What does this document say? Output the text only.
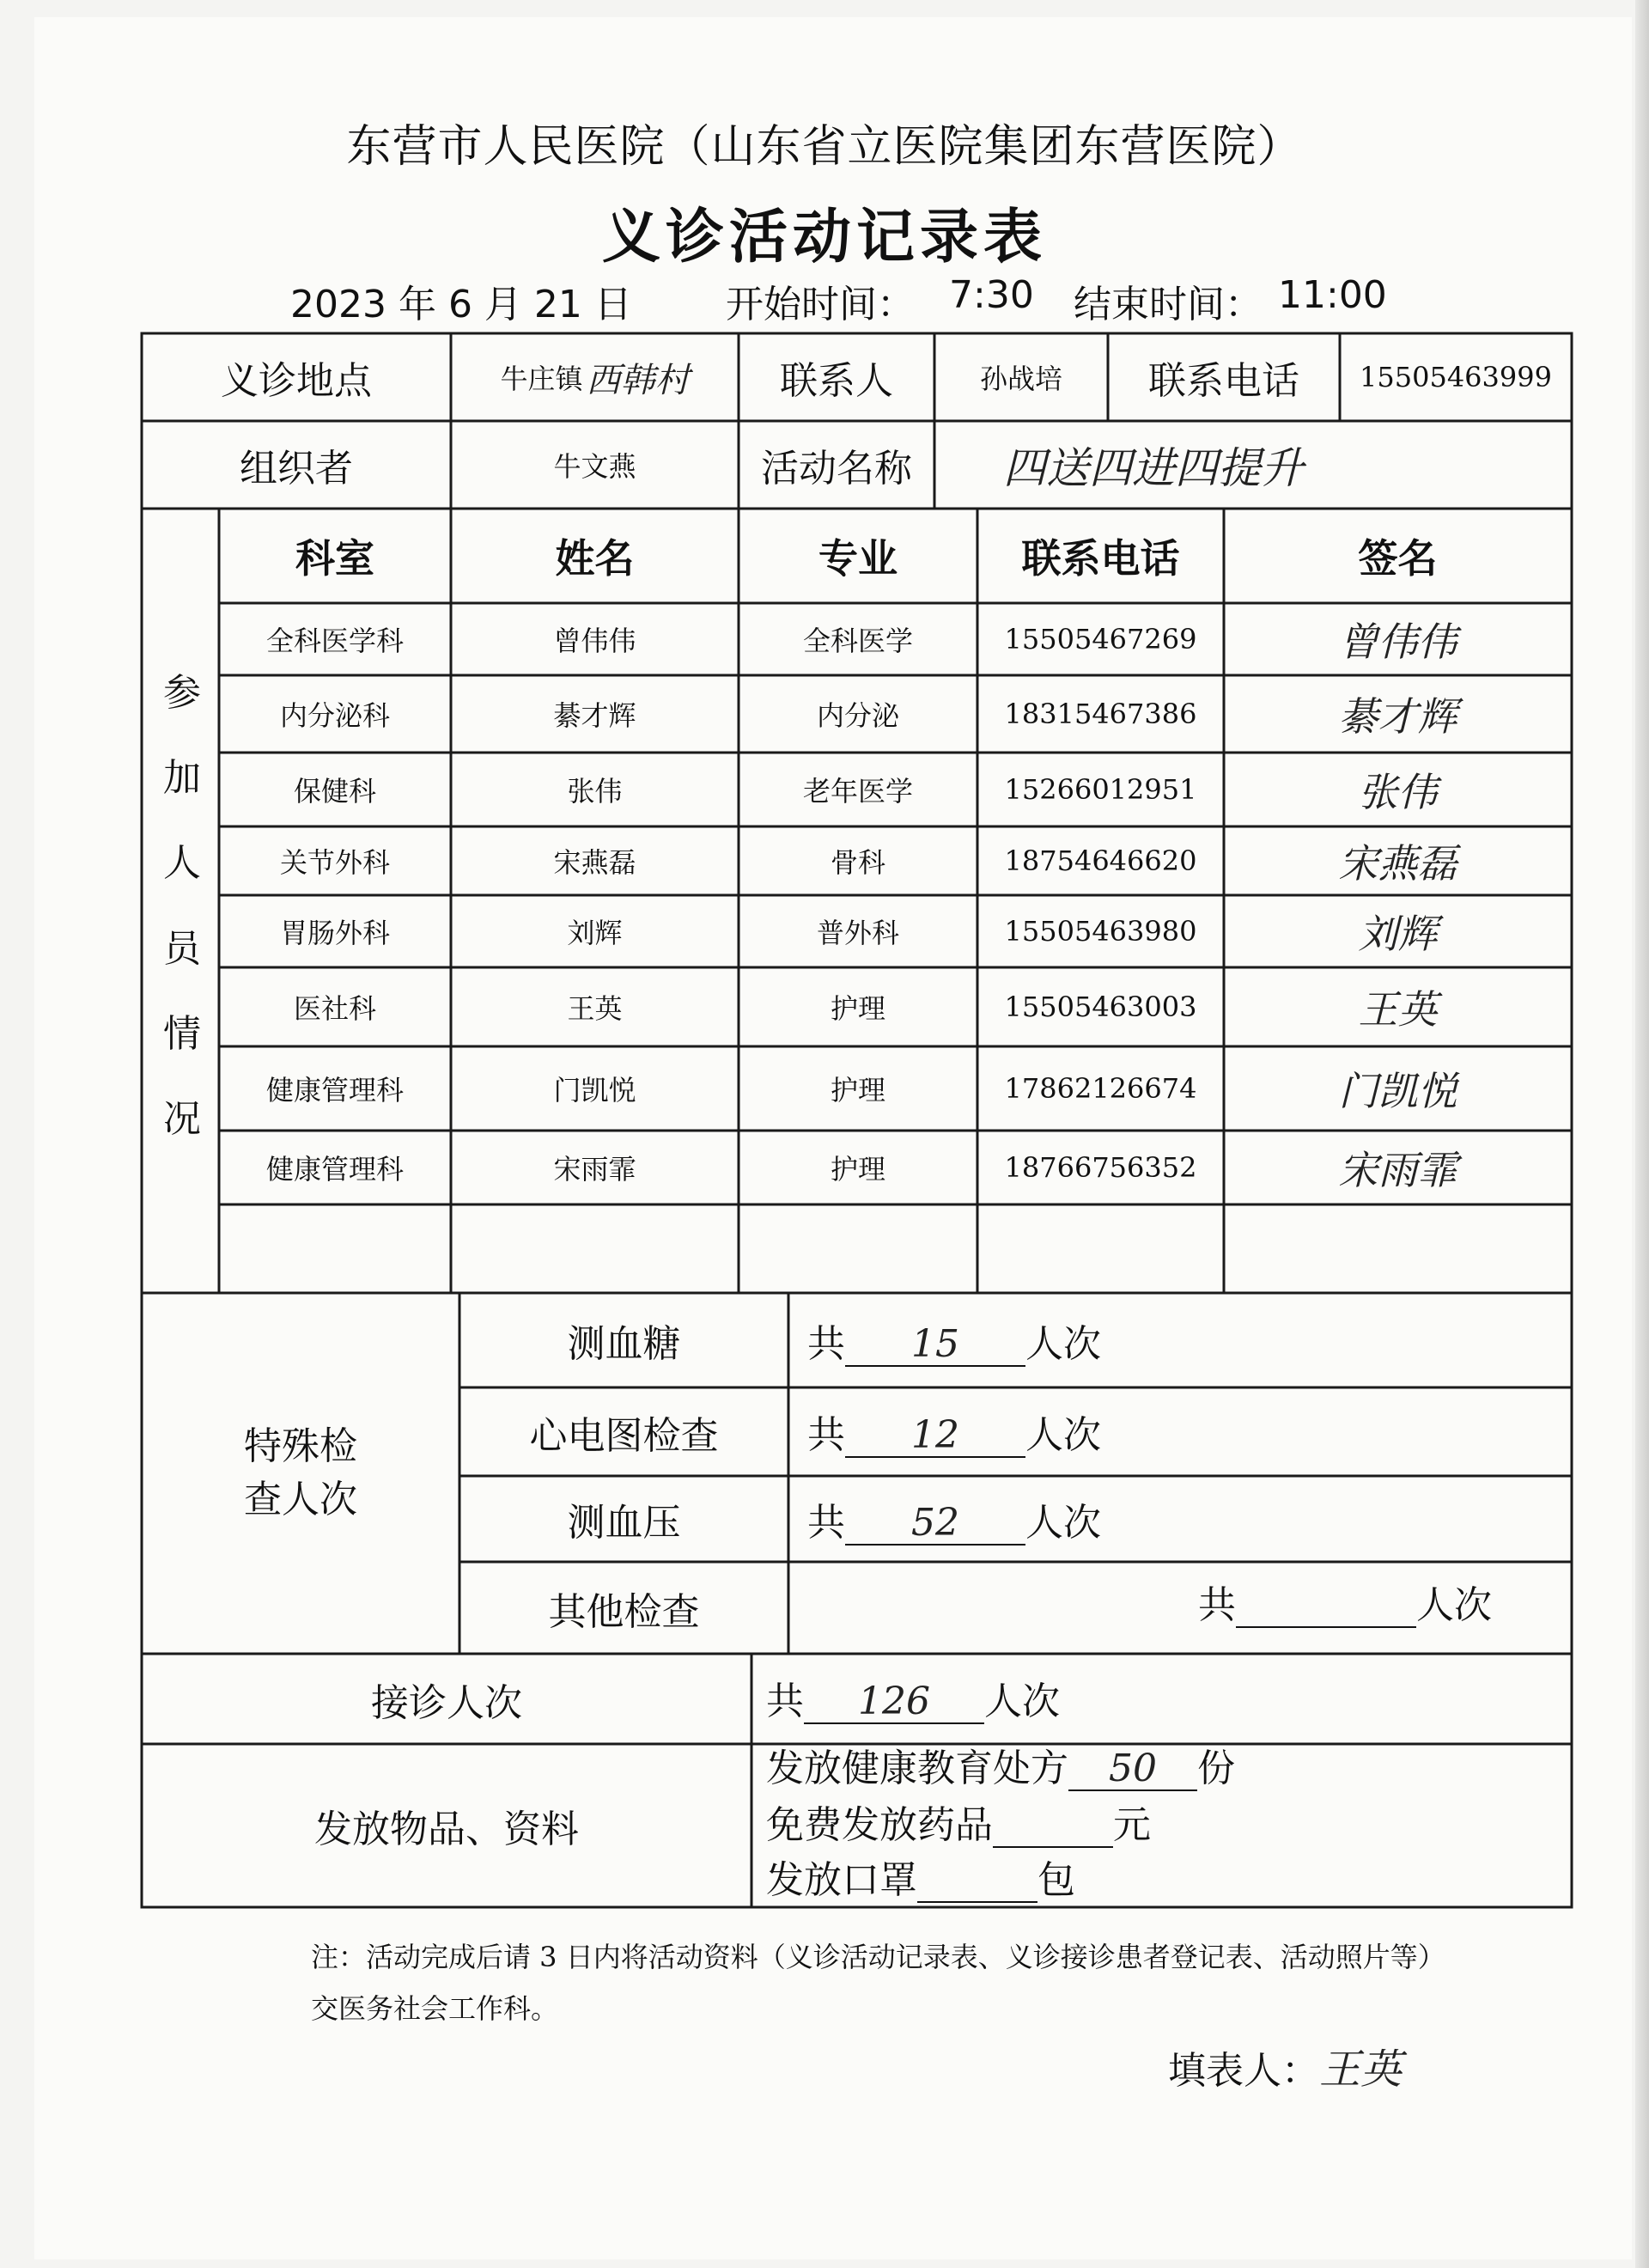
东营市人民医院（山东省立医院集团东营医院）
义诊活动记录表
2023 年 6 月 21 日 开始时间： 7:30 结束时间： 11:00
义诊地点	牛庄镇 西韩村	联系人	孙战培	联系电话	15505463999
组织者	牛文燕	活动名称	四送四进四提升
参
加
人
员
情
况
科室	姓名	专业	联系电话	签名
全科医学科	曾伟伟	全科医学	15505467269	曾伟伟
内分泌科	綦才辉	内分泌	18315467386	綦才辉
保健科	张伟	老年医学	15266012951	张伟
关节外科	宋燕磊	骨科	18754646620	宋燕磊
胃肠外科	刘辉	普外科	15505463980	刘辉
医社科	王英	护理	15505463003	王英
健康管理科	门凯悦	护理	17862126674	门凯悦
健康管理科	宋雨霏	护理	18766756352	宋雨霏
特殊检查人次
测血糖	共 15 人次
心电图检查	共 12 人次
测血压	共 52 人次
其他检查	共	人次
接诊人次	共 126 人次
发放物品、资料
发放健康教育处方 50 份
免费发放药品	元
发放口罩	包
注：活动完成后请 3 日内将活动资料（义诊活动记录表、义诊接诊患者登记表、活动照片等）
交医务社会工作科。
填表人：王英
